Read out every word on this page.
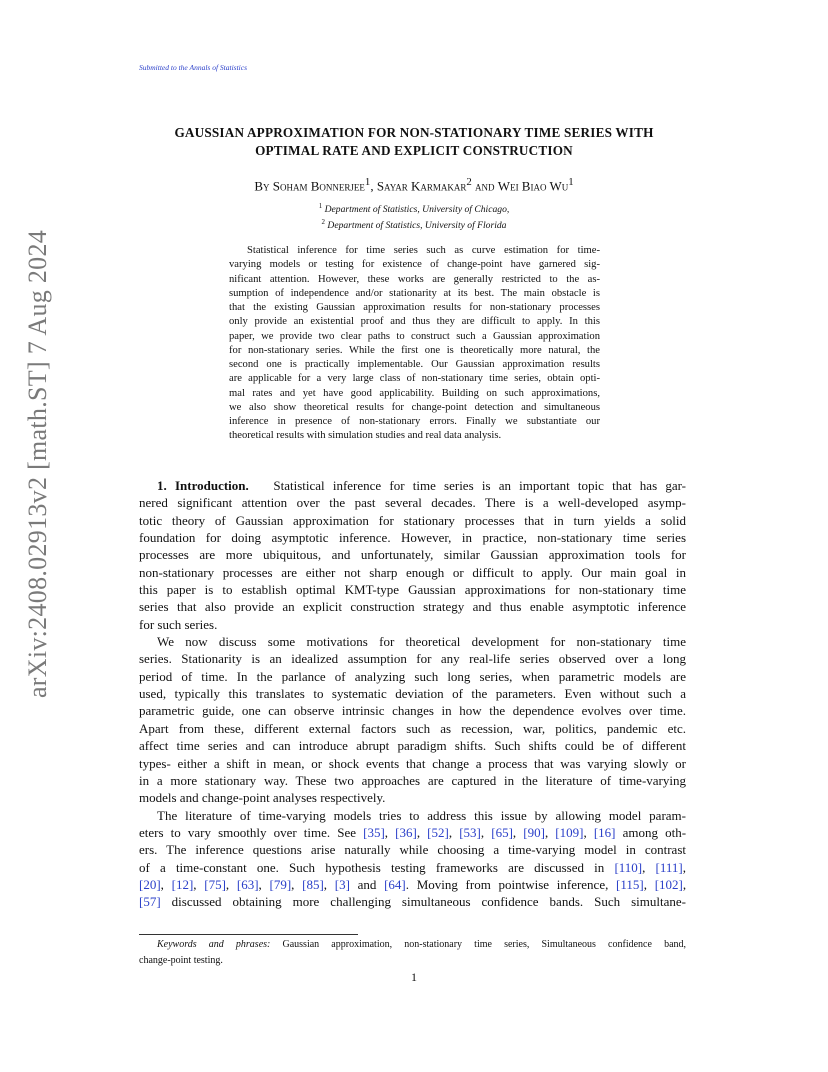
Submitted to the Annals of Statistics
arXiv:2408.02913v2 [math.ST] 7 Aug 2024
GAUSSIAN APPROXIMATION FOR NON-STATIONARY TIME SERIES WITH
OPTIMAL RATE AND EXPLICIT CONSTRUCTION
By Soham Bonnerjee$^1$, Sayar Karmakar$^2$ and Wei Biao Wu$^1$
$^1$ Department of Statistics, University of Chicago,
$^2$ Department of Statistics, University of Florida
Statistical inference for time series such as curve estimation for time-
varying models or testing for existence of change-point have garnered sig-
nificant attention. However, these works are generally restricted to the as-
sumption of independence and/or stationarity at its best. The main obstacle is
that the existing Gaussian approximation results for non-stationary processes
only provide an existential proof and thus they are difficult to apply. In this
paper, we provide two clear paths to construct such a Gaussian approximation
for non-stationary series. While the first one is theoretically more natural, the
second one is practically implementable. Our Gaussian approximation results
are applicable for a very large class of non-stationary time series, obtain opti-
mal rates and yet have good applicability. Building on such approximations,
we also show theoretical results for change-point detection and simultaneous
inference in presence of non-stationary errors. Finally we substantiate our
theoretical results with simulation studies and real data analysis.
1. Introduction. Statistical inference for time series is an important topic that has gar-
nered significant attention over the past several decades. There is a well-developed asymp-
totic theory of Gaussian approximation for stationary processes that in turn yields a solid
foundation for doing asymptotic inference. However, in practice, non-stationary time series
processes are more ubiquitous, and unfortunately, similar Gaussian approximation tools for
non-stationary processes are either not sharp enough or difficult to apply. Our main goal in
this paper is to establish optimal KMT-type Gaussian approximations for non-stationary time
series that also provide an explicit construction strategy and thus enable asymptotic inference
for such series.
We now discuss some motivations for theoretical development for non-stationary time
series. Stationarity is an idealized assumption for any real-life series observed over a long
period of time. In the parlance of analyzing such long series, when parametric models are
used, typically this translates to systematic deviation of the parameters. Even without such a
parametric guide, one can observe intrinsic changes in how the dependence evolves over time.
Apart from these, different external factors such as recession, war, politics, pandemic etc.
affect time series and can introduce abrupt paradigm shifts. Such shifts could be of different
types- either a shift in mean, or shock events that change a process that was varying slowly or
in a more stationary way. These two approaches are captured in the literature of time-varying
models and change-point analyses respectively.
The literature of time-varying models tries to address this issue by allowing model param-
eters to vary smoothly over time. See [35], [36], [52], [53], [65], [90], [109], [16] among oth-
ers. The inference questions arise naturally while choosing a time-varying model in contrast
of a time-constant one. Such hypothesis testing frameworks are discussed in [110], [111],
[20], [12], [75], [63], [79], [85], [3] and [64]. Moving from pointwise inference, [115], [102],
[57] discussed obtaining more challenging simultaneous confidence bands. Such simultane-
Keywords and phrases: Gaussian approximation, non-stationary time series, Simultaneous confidence band,
change-point testing.
1
